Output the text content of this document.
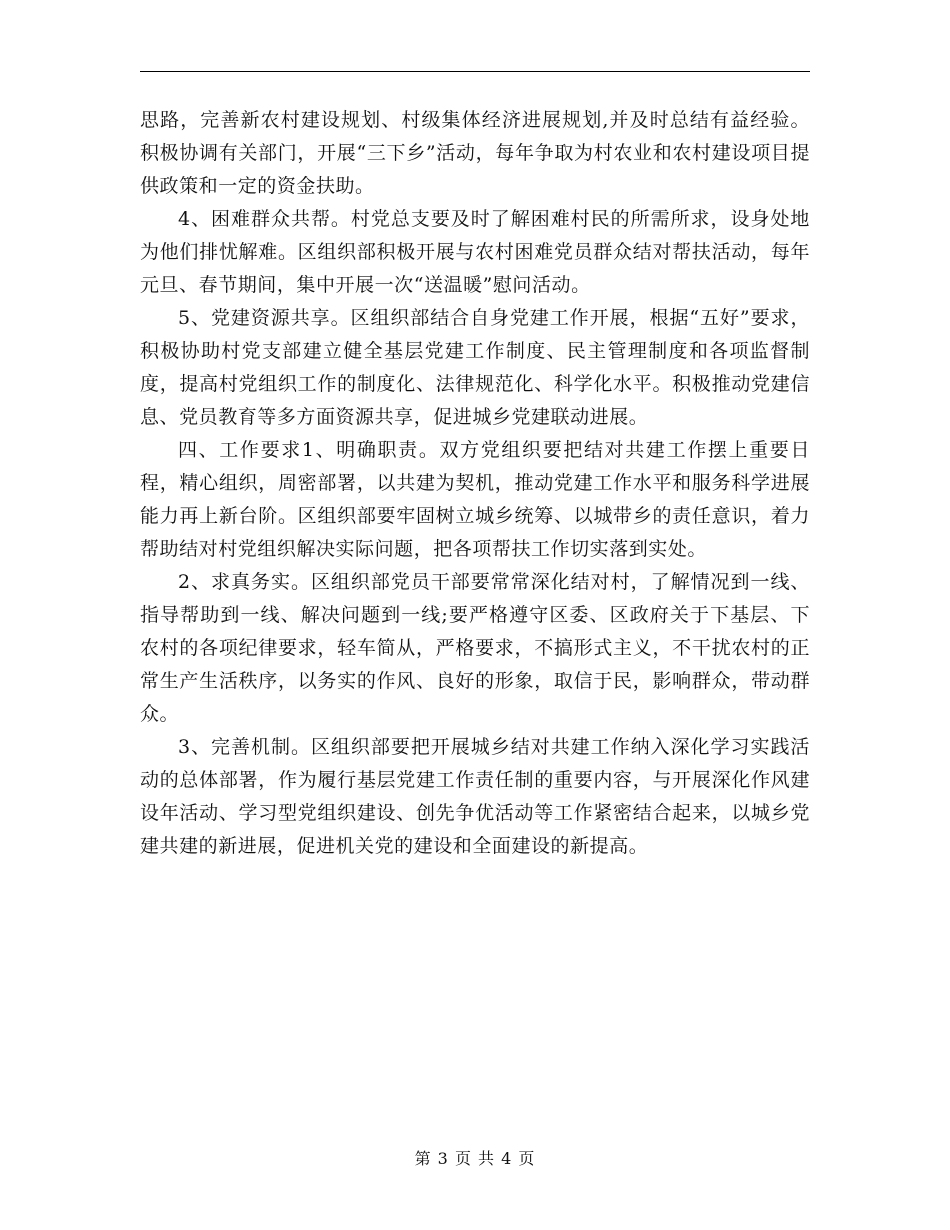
思路，完善新农村建设规划、村级集体经济进展规划,并及时总结有益经验。积极协调有关部门，开展“三下乡”活动，每年争取为村农业和农村建设项目提供政策和一定的资金扶助。

4、困难群众共帮。村党总支要及时了解困难村民的所需所求，设身处地为他们排忧解难。区组织部积极开展与农村困难党员群众结对帮扶活动，每年元旦、春节期间，集中开展一次“送温暖”慰问活动。

5、党建资源共享。区组织部结合自身党建工作开展，根据“五好”要求，积极协助村党支部建立健全基层党建工作制度、民主管理制度和各项监督制度，提高村党组织工作的制度化、法律规范化、科学化水平。积极推动党建信息、党员教育等多方面资源共享，促进城乡党建联动进展。

四、工作要求1、明确职责。双方党组织要把结对共建工作摆上重要日程，精心组织，周密部署，以共建为契机，推动党建工作水平和服务科学进展能力再上新台阶。区组织部要牢固树立城乡统筹、以城带乡的责任意识，着力帮助结对村党组织解决实际问题，把各项帮扶工作切实落到实处。

2、求真务实。区组织部党员干部要常常深化结对村，了解情况到一线、指导帮助到一线、解决问题到一线;要严格遵守区委、区政府关于下基层、下农村的各项纪律要求，轻车简从，严格要求，不搞形式主义，不干扰农村的正常生产生活秩序，以务实的作风、良好的形象，取信于民，影响群众，带动群众。

3、完善机制。区组织部要把开展城乡结对共建工作纳入深化学习实践活动的总体部署，作为履行基层党建工作责任制的重要内容，与开展深化作风建设年活动、学习型党组织建设、创先争优活动等工作紧密结合起来，以城乡党建共建的新进展，促进机关党的建设和全面建设的新提高。

第 3 页 共 4 页
